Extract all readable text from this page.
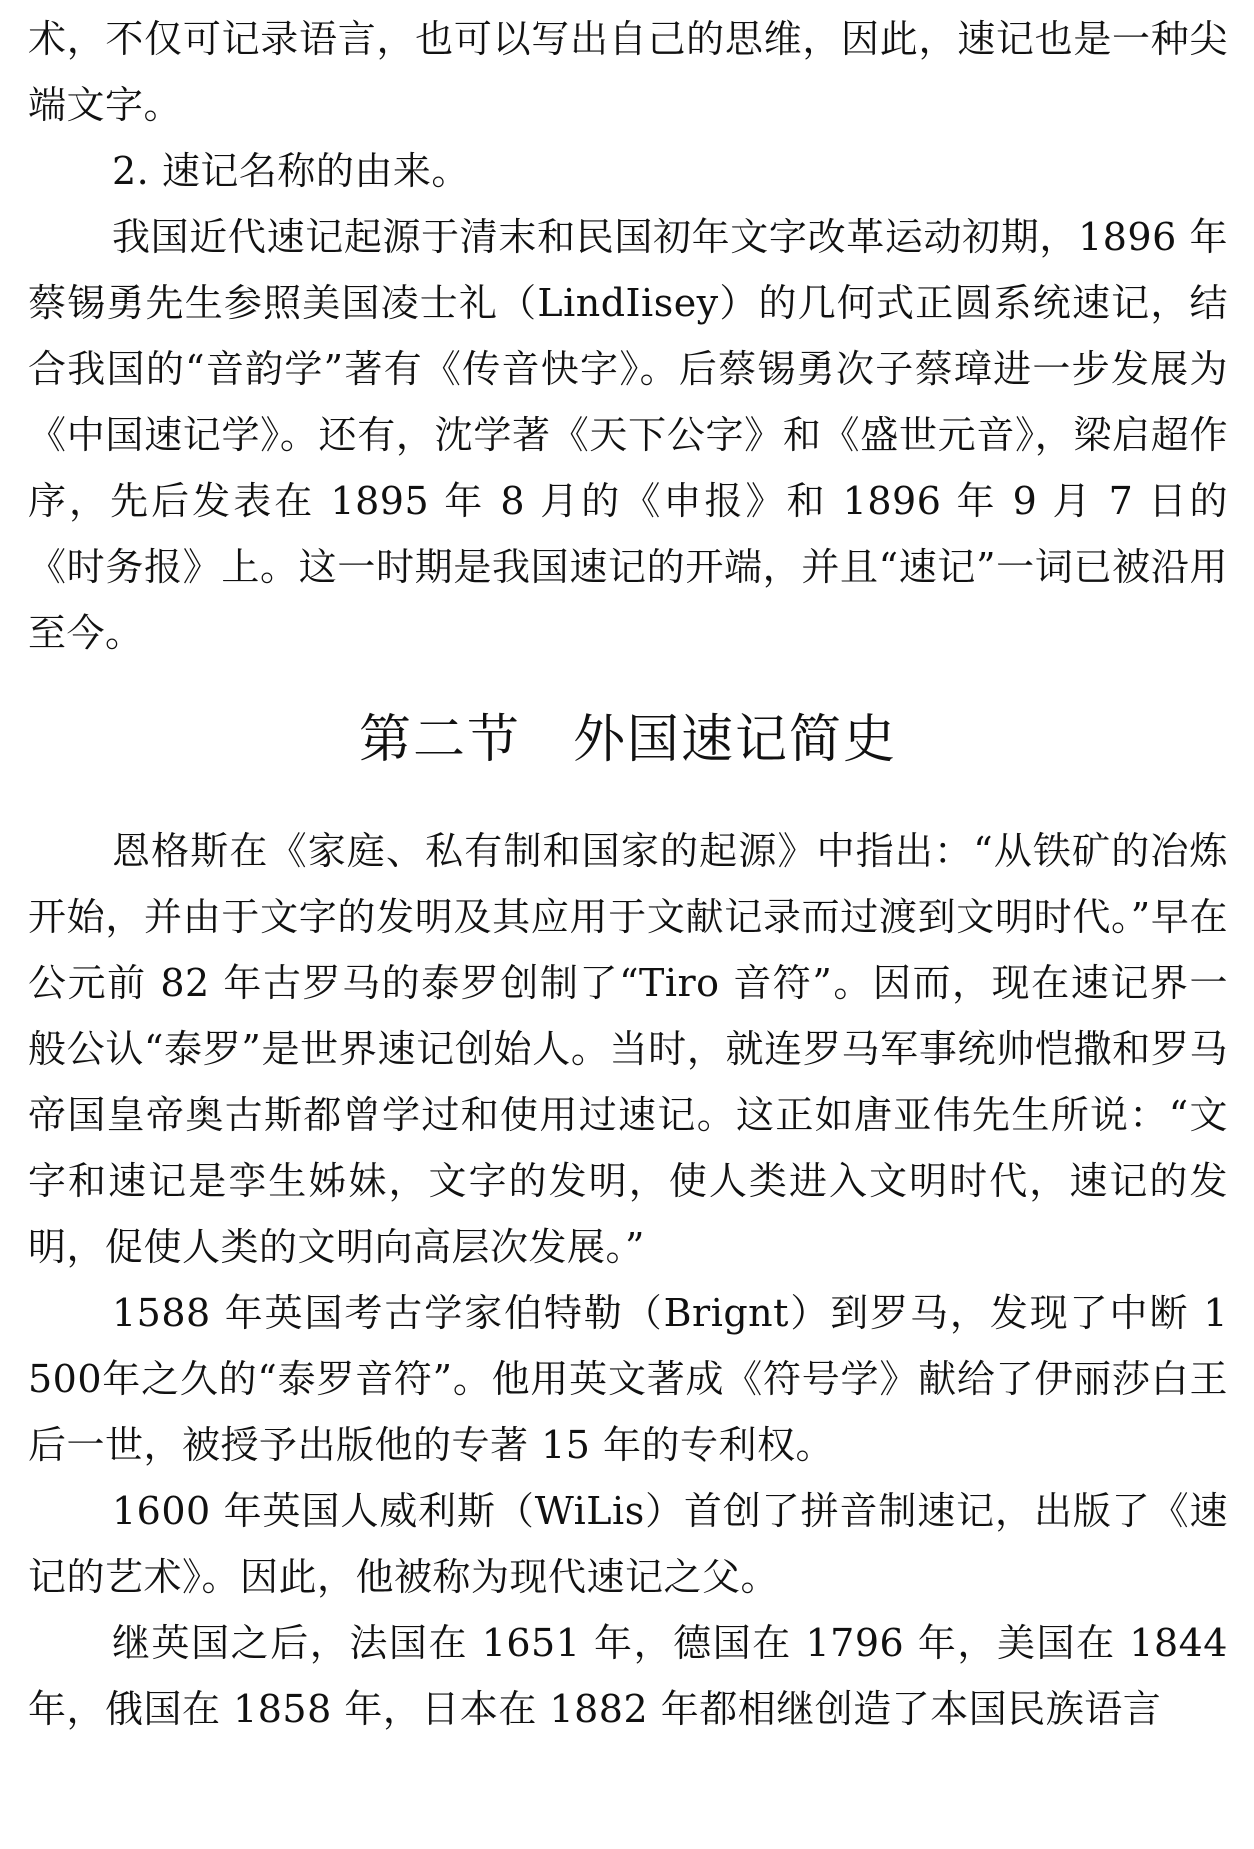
术，不仅可记录语言，也可以写出自己的思维，因此，速记也是一种尖端文字。

2. 速记名称的由来。

我国近代速记起源于清末和民国初年文字改革运动初期，1896 年蔡锡勇先生参照美国凌士礼（LindIisey）的几何式正圆系统速记，结合我国的“音韵学”著有《传音快字》。后蔡锡勇次子蔡璋进一步发展为《中国速记学》。还有，沈学著《天下公字》和《盛世元音》，梁启超作序，先后发表在 1895 年 8 月的《申报》和 1896 年 9 月 7 日的《时务报》上。这一时期是我国速记的开端，并且“速记”一词已被沿用至今。

第二节 外国速记简史

恩格斯在《家庭、私有制和国家的起源》中指出：“从铁矿的冶炼开始，并由于文字的发明及其应用于文献记录而过渡到文明时代。”早在公元前 82 年古罗马的泰罗创制了“Tiro 音符”。因而，现在速记界一般公认“泰罗”是世界速记创始人。当时，就连罗马军事统帅恺撒和罗马帝国皇帝奥古斯都曾学过和使用过速记。这正如唐亚伟先生所说：“文字和速记是孪生姊妹，文字的发明，使人类进入文明时代，速记的发明，促使人类的文明向高层次发展。”

1588 年英国考古学家伯特勒（Brignt）到罗马，发现了中断 1 500年之久的“泰罗音符”。他用英文著成《符号学》献给了伊丽莎白王后一世，被授予出版他的专著 15 年的专利权。

1600 年英国人威利斯（WiLis）首创了拼音制速记，出版了《速记的艺术》。因此，他被称为现代速记之父。

继英国之后，法国在 1651 年，德国在 1796 年，美国在 1844 年，俄国在 1858 年，日本在 1882 年都相继创造了本国民族语言
